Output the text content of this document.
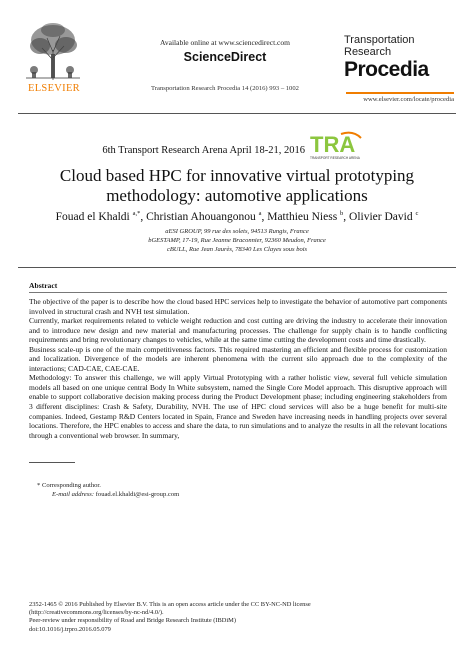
ELSEVIER
Available online at www.sciencedirect.com
ScienceDirect
Transportation Research Procedia 14 (2016) 993 – 1002
Transportation
Research
Procedia
www.elsevier.com/locate/procedia
6th Transport Research Arena April 18-21, 2016 TRA
TRANSPORT RESEARCH ARENA
Cloud based HPC for innovative virtual prototyping methodology: automotive applications
Fouad el Khaldi $^{a,*}$, Christian Ahouangonou $^a$, Matthieu Niess $^b$, Olivier David $^c$
aESI GROUP, 99 rue des solets, 94513 Rungis, France
bGESTAMP, 17-19, Rue Jeanne Braconnier, 92360 Meudon, France
cBULL, Rue Jean Jaurès, 78340 Les Clayes sous bois
Abstract

The objective of the paper is to describe how the cloud based HPC services help to investigate the behavior of automotive part components involved in structural crash and NVH test simulation.

Currently, market requirements related to vehicle weight reduction and cost cutting are driving the industry to accelerate their innovation and to introduce new design and new material and manufacturing processes. The challenge for supply chain is to handle conflicting requirements and bring revolutionary changes to vehicles, while at the same time cutting the development costs and time drastically.

Business scale-up is one of the main competitiveness factors. This required mastering an efficient and flexible process for customization and localization. Divergence of the models are inherent phenomena with the current silo approach due to the complexity of the interactions; CAD-CAE, CAE-CAE.

Methodology: To answer this challenge, we will apply Virtual Prototyping with a rather holistic view, several full vehicle simulation models all based on one unique central Body In White subsystem, named the Single Core Model approach. This disruptive approach will enable to support collaborative decision making process during the Product Development phase; including engineering stakeholders from 3 different disciplines: Crash & Safety, Durability, NVH. The use of HPC cloud services will also be a huge benefit for multi-site companies. Indeed, Gestamp R&D Centers located in Spain, France and Sweden have increasing needs in handling projects over several locations. Therefore, the HPC enables to access and share the data, to run simulations and to analyze the results in all the relevant locations through a conventional web browser. In summary,

* Corresponding author.
E-mail address: fouad.el.khaldi@esi-group.com
2352-1465 © 2016 Published by Elsevier B.V. This is an open access article under the CC BY-NC-ND license
(http://creativecommons.org/licenses/by-nc-nd/4.0/).
Peer-review under responsibility of Road and Bridge Research Institute (IBDiM)
doi:10.1016/j.trpro.2016.05.079
